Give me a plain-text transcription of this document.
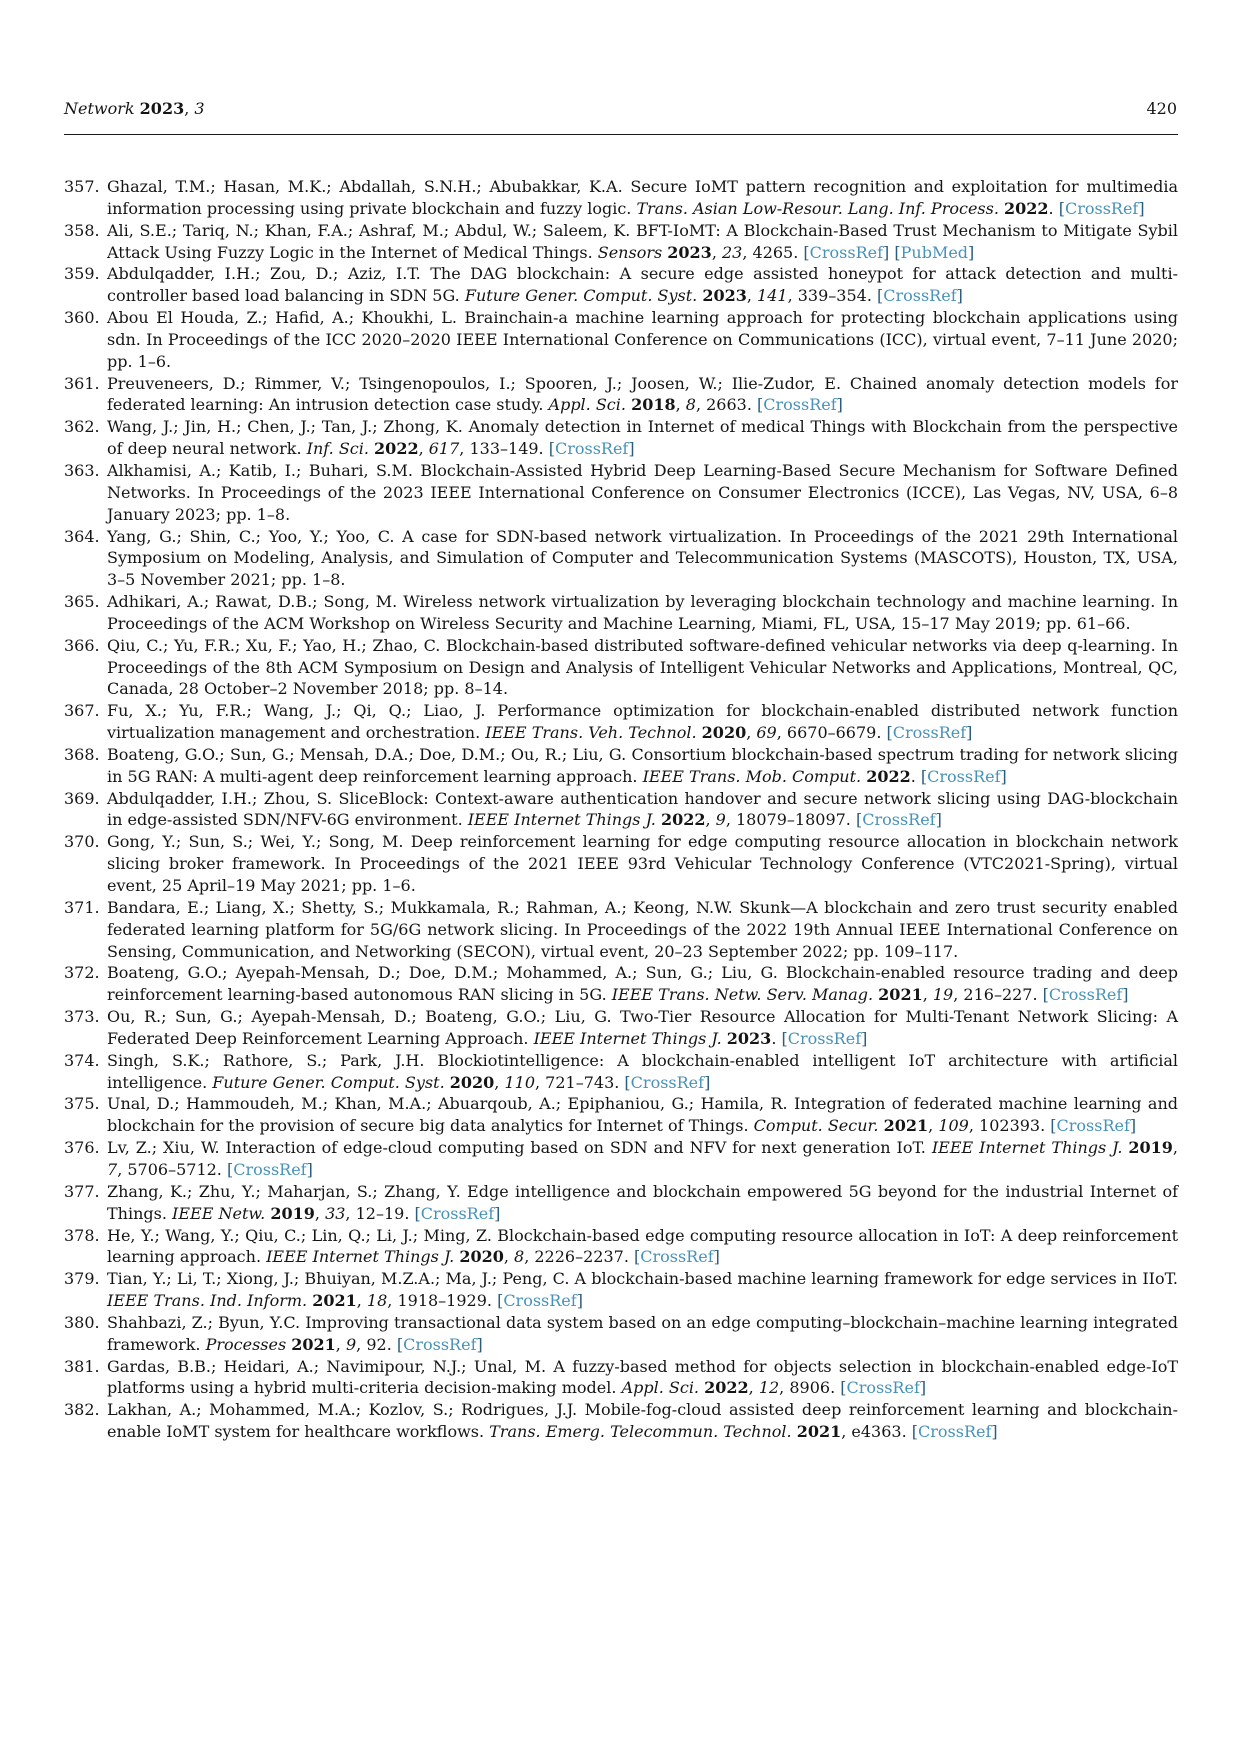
Network 2023, 3	420
357. Ghazal, T.M.; Hasan, M.K.; Abdallah, S.N.H.; Abubakkar, K.A. Secure IoMT pattern recognition and exploitation for multimedia information processing using private blockchain and fuzzy logic. Trans. Asian Low-Resour. Lang. Inf. Process. 2022. [CrossRef]
358. Ali, S.E.; Tariq, N.; Khan, F.A.; Ashraf, M.; Abdul, W.; Saleem, K. BFT-IoMT: A Blockchain-Based Trust Mechanism to Mitigate Sybil Attack Using Fuzzy Logic in the Internet of Medical Things. Sensors 2023, 23, 4265. [CrossRef] [PubMed]
359. Abdulqadder, I.H.; Zou, D.; Aziz, I.T. The DAG blockchain: A secure edge assisted honeypot for attack detection and multi-controller based load balancing in SDN 5G. Future Gener. Comput. Syst. 2023, 141, 339–354. [CrossRef]
360. Abou El Houda, Z.; Hafid, A.; Khoukhi, L. Brainchain-a machine learning approach for protecting blockchain applications using sdn. In Proceedings of the ICC 2020–2020 IEEE International Conference on Communications (ICC), virtual event, 7–11 June 2020; pp. 1–6.
361. Preuveneers, D.; Rimmer, V.; Tsingenopoulos, I.; Spooren, J.; Joosen, W.; Ilie-Zudor, E. Chained anomaly detection models for federated learning: An intrusion detection case study. Appl. Sci. 2018, 8, 2663. [CrossRef]
362. Wang, J.; Jin, H.; Chen, J.; Tan, J.; Zhong, K. Anomaly detection in Internet of medical Things with Blockchain from the perspective of deep neural network. Inf. Sci. 2022, 617, 133–149. [CrossRef]
363. Alkhamisi, A.; Katib, I.; Buhari, S.M. Blockchain-Assisted Hybrid Deep Learning-Based Secure Mechanism for Software Defined Networks. In Proceedings of the 2023 IEEE International Conference on Consumer Electronics (ICCE), Las Vegas, NV, USA, 6–8 January 2023; pp. 1–8.
364. Yang, G.; Shin, C.; Yoo, Y.; Yoo, C. A case for SDN-based network virtualization. In Proceedings of the 2021 29th International Symposium on Modeling, Analysis, and Simulation of Computer and Telecommunication Systems (MASCOTS), Houston, TX, USA, 3–5 November 2021; pp. 1–8.
365. Adhikari, A.; Rawat, D.B.; Song, M. Wireless network virtualization by leveraging blockchain technology and machine learning. In Proceedings of the ACM Workshop on Wireless Security and Machine Learning, Miami, FL, USA, 15–17 May 2019; pp. 61–66.
366. Qiu, C.; Yu, F.R.; Xu, F.; Yao, H.; Zhao, C. Blockchain-based distributed software-defined vehicular networks via deep q-learning. In Proceedings of the 8th ACM Symposium on Design and Analysis of Intelligent Vehicular Networks and Applications, Montreal, QC, Canada, 28 October–2 November 2018; pp. 8–14.
367. Fu, X.; Yu, F.R.; Wang, J.; Qi, Q.; Liao, J. Performance optimization for blockchain-enabled distributed network function virtualization management and orchestration. IEEE Trans. Veh. Technol. 2020, 69, 6670–6679. [CrossRef]
368. Boateng, G.O.; Sun, G.; Mensah, D.A.; Doe, D.M.; Ou, R.; Liu, G. Consortium blockchain-based spectrum trading for network slicing in 5G RAN: A multi-agent deep reinforcement learning approach. IEEE Trans. Mob. Comput. 2022. [CrossRef]
369. Abdulqadder, I.H.; Zhou, S. SliceBlock: Context-aware authentication handover and secure network slicing using DAG-blockchain in edge-assisted SDN/NFV-6G environment. IEEE Internet Things J. 2022, 9, 18079–18097. [CrossRef]
370. Gong, Y.; Sun, S.; Wei, Y.; Song, M. Deep reinforcement learning for edge computing resource allocation in blockchain network slicing broker framework. In Proceedings of the 2021 IEEE 93rd Vehicular Technology Conference (VTC2021-Spring), virtual event, 25 April–19 May 2021; pp. 1–6.
371. Bandara, E.; Liang, X.; Shetty, S.; Mukkamala, R.; Rahman, A.; Keong, N.W. Skunk—A blockchain and zero trust security enabled federated learning platform for 5G/6G network slicing. In Proceedings of the 2022 19th Annual IEEE International Conference on Sensing, Communication, and Networking (SECON), virtual event, 20–23 September 2022; pp. 109–117.
372. Boateng, G.O.; Ayepah-Mensah, D.; Doe, D.M.; Mohammed, A.; Sun, G.; Liu, G. Blockchain-enabled resource trading and deep reinforcement learning-based autonomous RAN slicing in 5G. IEEE Trans. Netw. Serv. Manag. 2021, 19, 216–227. [CrossRef]
373. Ou, R.; Sun, G.; Ayepah-Mensah, D.; Boateng, G.O.; Liu, G. Two-Tier Resource Allocation for Multi-Tenant Network Slicing: A Federated Deep Reinforcement Learning Approach. IEEE Internet Things J. 2023. [CrossRef]
374. Singh, S.K.; Rathore, S.; Park, J.H. Blockiotintelligence: A blockchain-enabled intelligent IoT architecture with artificial intelligence. Future Gener. Comput. Syst. 2020, 110, 721–743. [CrossRef]
375. Unal, D.; Hammoudeh, M.; Khan, M.A.; Abuarqoub, A.; Epiphaniou, G.; Hamila, R. Integration of federated machine learning and blockchain for the provision of secure big data analytics for Internet of Things. Comput. Secur. 2021, 109, 102393. [CrossRef]
376. Lv, Z.; Xiu, W. Interaction of edge-cloud computing based on SDN and NFV for next generation IoT. IEEE Internet Things J. 2019, 7, 5706–5712. [CrossRef]
377. Zhang, K.; Zhu, Y.; Maharjan, S.; Zhang, Y. Edge intelligence and blockchain empowered 5G beyond for the industrial Internet of Things. IEEE Netw. 2019, 33, 12–19. [CrossRef]
378. He, Y.; Wang, Y.; Qiu, C.; Lin, Q.; Li, J.; Ming, Z. Blockchain-based edge computing resource allocation in IoT: A deep reinforcement learning approach. IEEE Internet Things J. 2020, 8, 2226–2237. [CrossRef]
379. Tian, Y.; Li, T.; Xiong, J.; Bhuiyan, M.Z.A.; Ma, J.; Peng, C. A blockchain-based machine learning framework for edge services in IIoT. IEEE Trans. Ind. Inform. 2021, 18, 1918–1929. [CrossRef]
380. Shahbazi, Z.; Byun, Y.C. Improving transactional data system based on an edge computing–blockchain–machine learning integrated framework. Processes 2021, 9, 92. [CrossRef]
381. Gardas, B.B.; Heidari, A.; Navimipour, N.J.; Unal, M. A fuzzy-based method for objects selection in blockchain-enabled edge-IoT platforms using a hybrid multi-criteria decision-making model. Appl. Sci. 2022, 12, 8906. [CrossRef]
382. Lakhan, A.; Mohammed, M.A.; Kozlov, S.; Rodrigues, J.J. Mobile-fog-cloud assisted deep reinforcement learning and blockchain-enable IoMT system for healthcare workflows. Trans. Emerg. Telecommun. Technol. 2021, e4363. [CrossRef]
